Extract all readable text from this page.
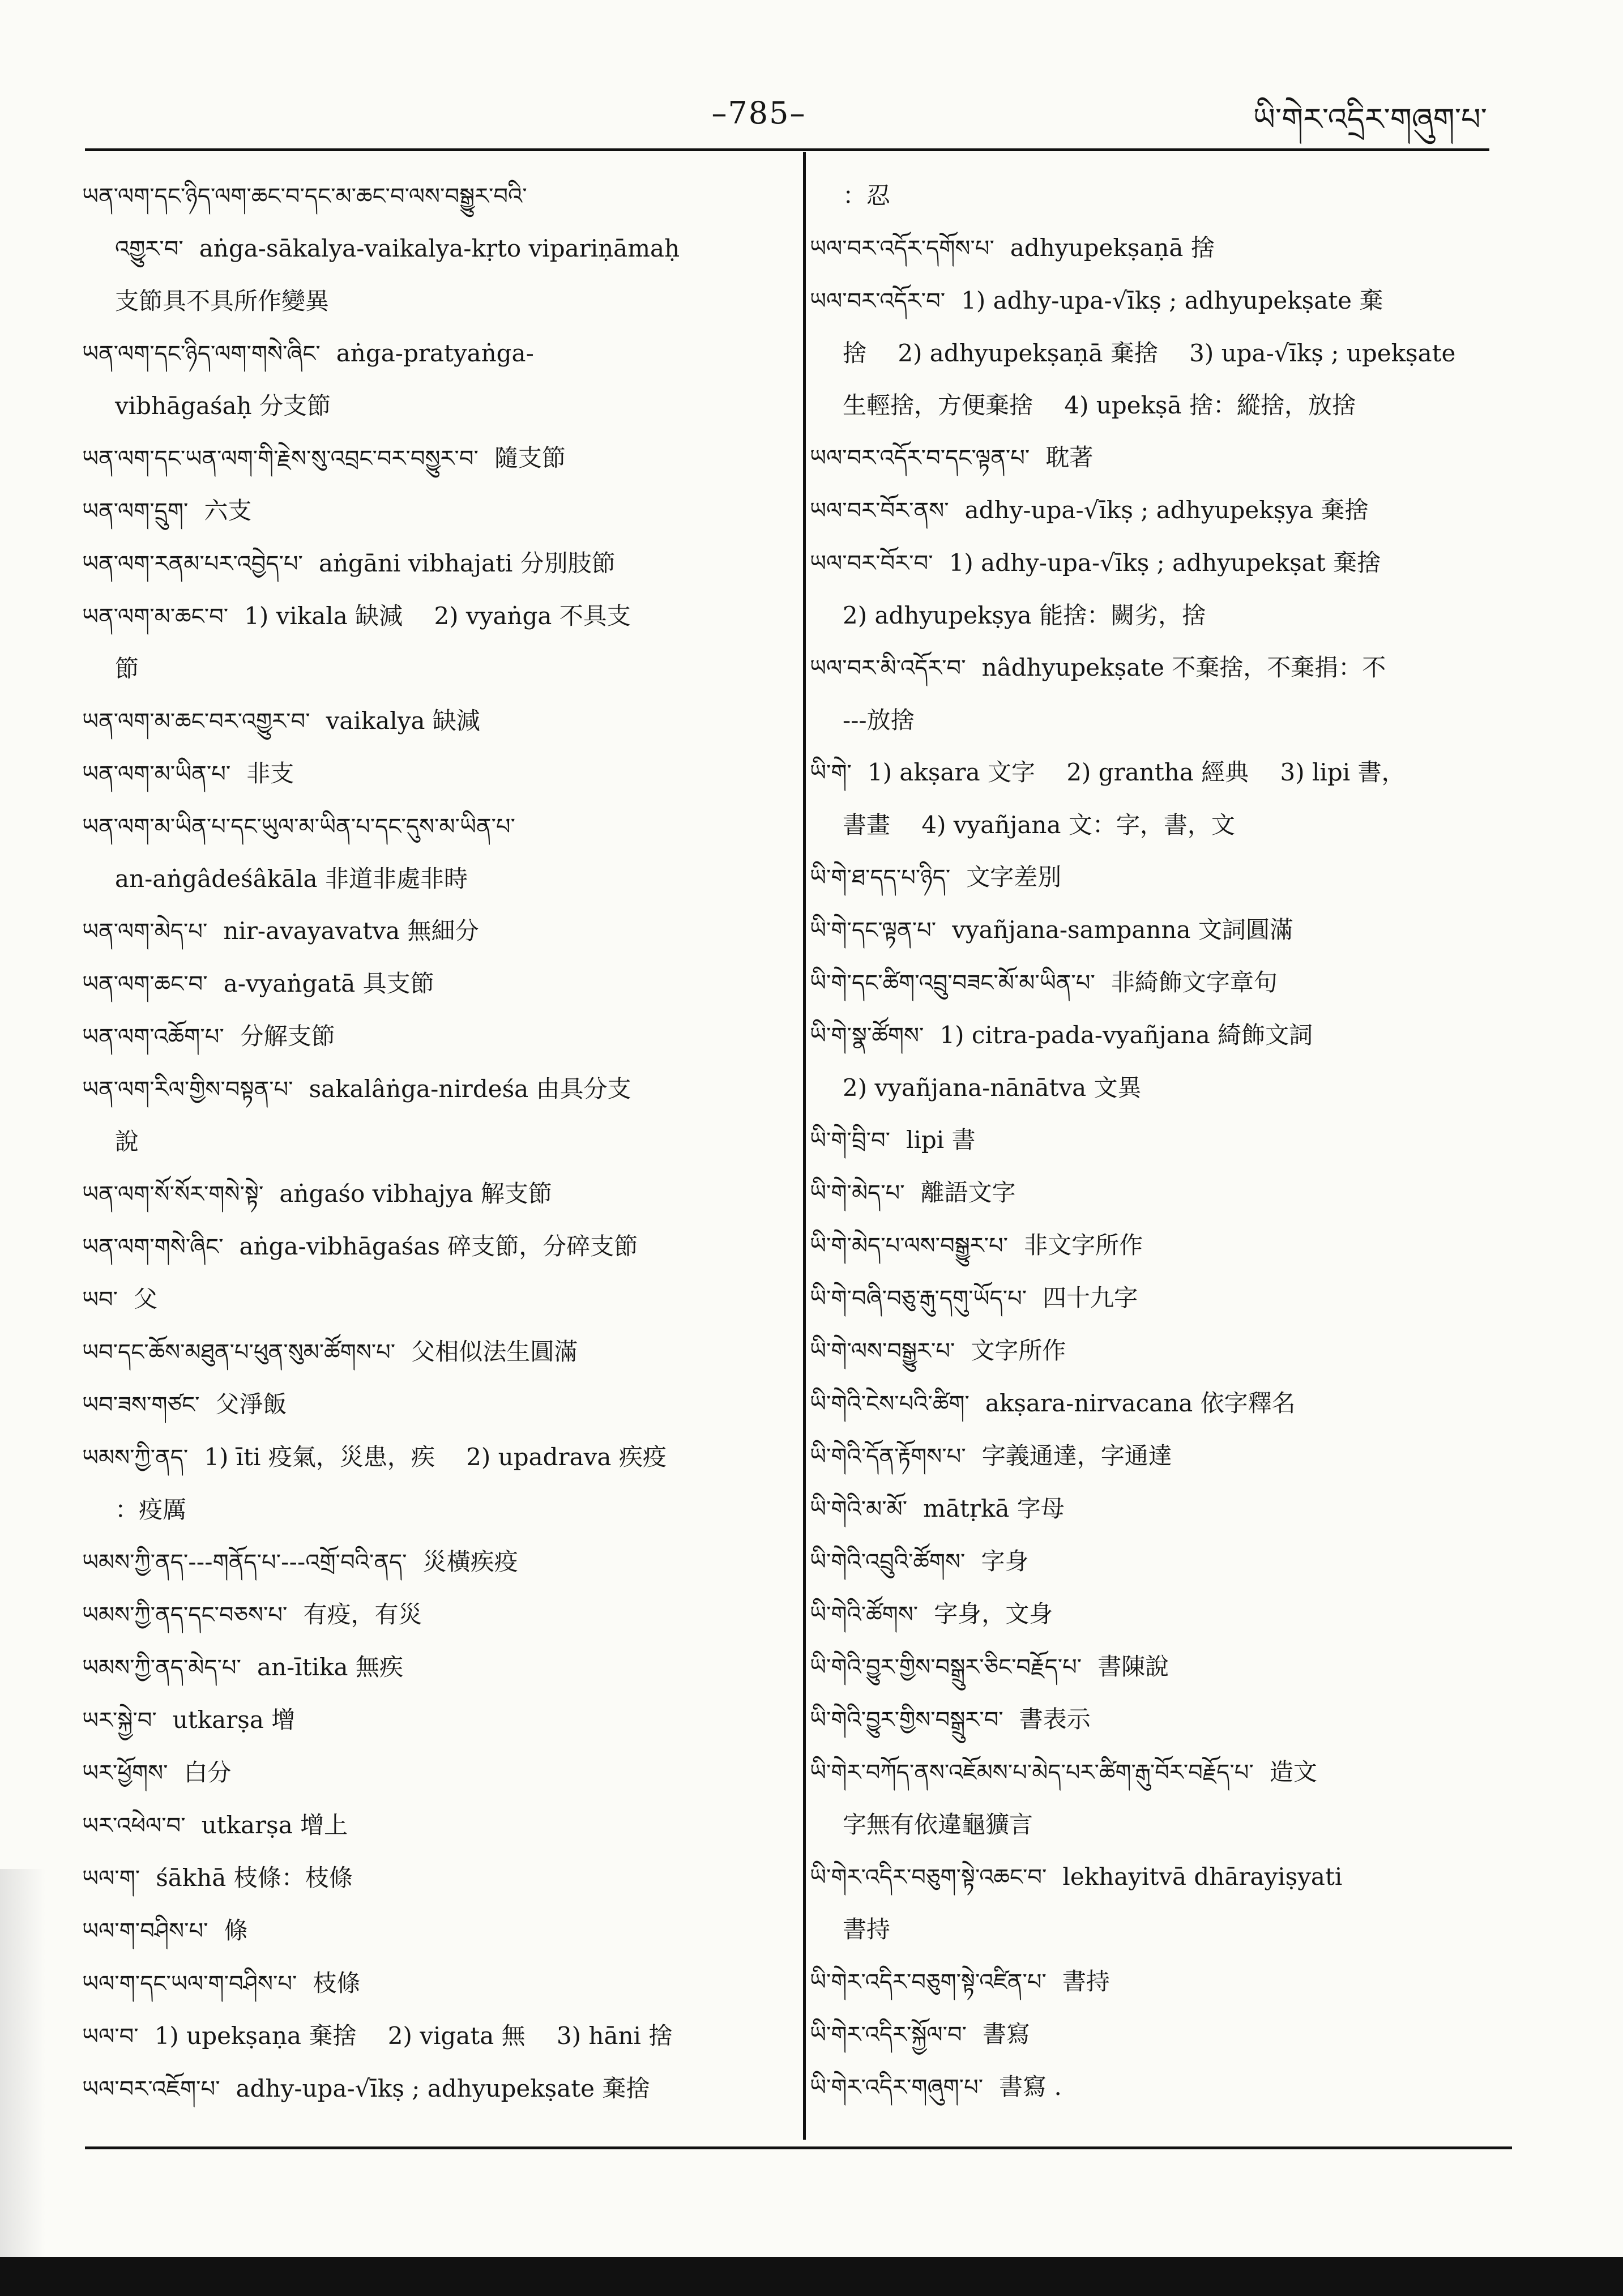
–785–	ཡི་གེར་འདྲིར་གཞུག་པ་

ཡན་ལག་དང་ཉིད་ལག་ཆང་བ་དང་མ་ཆང་བ་ལས་བསྒྱུར་བའི་

འགྱུར་བ་ aṅga-sākalya-vaikalya-kṛto vipariṇāmaḥ

支節具不具所作變異

ཡན་ལག་དང་ཉིད་ལག་གསེ་ཞིང་ aṅga-pratyaṅga-

vibhāgaśaḥ 分支節

ཡན་ལག་དང་ཡན་ལག་གི་རྗེས་སུ་འབྲང་བར་བསྱུར་བ་ 隨支節

ཡན་ལག་དྲུག་ 六支

ཡན་ལག་རནམ་པར་འབྱེད་པ་ aṅgāni vibhajati 分別肢節

ཡན་ལག་མ་ཆང་བ་ 1) vikala 缺減　 2) vyaṅga 不具支

節

ཡན་ལག་མ་ཆང་བར་འགྱུར་བ་ vaikalya 缺減

ཡན་ལག་མ་ཡིན་པ་ 非支

ཡན་ལག་མ་ཡིན་པ་དང་ཡུལ་མ་ཡིན་པ་དང་དུས་མ་ཡིན་པ་

an-aṅgâdeśâkāla 非道非處非時

ཡན་ལག་མེད་པ་ nir-avayavatva 無細分

ཡན་ལག་ཆང་བ་ a-vyaṅgatā 具支節

ཡན་ལག་འཆོག་པ་ 分解支節

ཡན་ལག་རིལ་གྱིས་བསྟན་པ་ sakalâṅga-nirdeśa 由具分支

說

ཡན་ལག་སོ་སོར་གསེ་སྟེ་ aṅgaśo vibhajya 解支節

ཡན་ལག་གསེ་ཞིང་ aṅga-vibhāgaśas 碎支節，分碎支節

ཡབ་ 父

ཡབ་དང་ཆོས་མཐུན་པ་ཕུན་སུམ་ཚོགས་པ་ 父相似法生圓滿

ཡབ་ཟས་གཙང་ 父淨飯

ཡམས་ཀྱི་ནད་ 1) īti 疫氣，災患，疾　 2) upadrava 疾疫

：疫厲

ཡམས་ཀྱི་ནད་---གནོད་པ་---འགྲོ་བའི་ནད་ 災橫疾疫

ཡམས་ཀྱི་ནད་དང་བཅས་པ་ 有疫，有災

ཡམས་ཀྱི་ནད་མེད་པ་ an-ītika 無疾

ཡར་སྐྱེ་བ་ utkarṣa 增

ཡར་ཕྱོགས་ 白分

ཡར་འཕེལ་བ་ utkarṣa 增上

ཡལ་ག་ śākhā 枝條：枝條

ཡལ་ག་བཤིས་པ་ 條

ཡལ་ག་དང་ཡལ་ག་བཤིས་པ་ 枝條

ཡལ་བ་ 1) upekṣaṇa 棄捨　 2) vigata 無　 3) hāni 捨

ཡལ་བར་འཇོག་པ་ adhy-upa-√īkṣ ; adhyupekṣate 棄捨

：忍

ཡལ་བར་འདོར་དགོས་པ་ adhyupekṣaṇā 捨

ཡལ་བར་འདོར་བ་ 1) adhy-upa-√īkṣ ; adhyupekṣate 棄

捨　 2) adhyupekṣaṇā 棄捨　 3) upa-√īkṣ ; upekṣate

生輕捨，方便棄捨　 4) upekṣā 捨：縱捨，放捨

ཡལ་བར་འདོར་བ་དང་ལྟན་པ་ 耽著

ཡལ་བར་བོར་ནས་ adhy-upa-√īkṣ ; adhyupekṣya 棄捨

ཡལ་བར་བོར་བ་ 1) adhy-upa-√īkṣ ; adhyupekṣat 棄捨

2) adhyupekṣya 能捨：闕劣，捨

ཡལ་བར་མི་འདོར་བ་ nâdhyupekṣate 不棄捨，不棄捐：不

---放捨

ཡི་གེ་ 1) akṣara 文字　 2) grantha 經典　 3) lipi 書，

書畫　 4) vyañjana 文：字，書，文

ཡི་གེ་ཐ་དད་པ་ཉིད་ 文字差別

ཡི་གེ་དང་ལྟན་པ་ vyañjana-sampanna 文詞圓滿

ཡི་གེ་དང་ཚིག་འབྲུ་བཟང་མོ་མ་ཡིན་པ་ 非綺飾文字章句

ཡི་གེ་སྣ་ཚོགས་ 1) citra-pada-vyañjana 綺飾文詞

2) vyañjana-nānātva 文異

ཡི་གེ་བྲི་བ་ lipi 書

ཡི་གེ་མེད་པ་ 離語文字

ཡི་གེ་མེད་པ་ལས་བསྒྱུར་པ་ 非文字所作

ཡི་གེ་བཞི་བཅུ་རྒུ་དགུ་ཡོད་པ་ 四十九字

ཡི་གེ་ལས་བསྒྱུར་པ་ 文字所作

ཡི་གེའི་ངེས་པའི་ཚིག་ akṣara-nirvacana 依字釋名

ཡི་གེའི་དོན་རྟོགས་པ་ 字義通達，字通達

ཡི་གེའི་མ་མོ་ mātṛkā 字母

ཡི་གེའི་འབྲུའི་ཚོགས་ 字身

ཡི་གེའི་ཚོགས་ 字身，文身

ཡི་གེའི་བྱུར་གྱིས་བསྒྲུར་ཅིང་བརྗོད་པ་ 書陳說

ཡི་གེའི་བྱུར་གྱིས་བསྒྲུར་བ་ 書表示

ཡི་གེར་བཀོད་ནས་འཇོམས་པ་མེད་པར་ཚིག་རྒུ་བོར་བརྗོད་པ་ 造文

字無有依違龜獷言

ཡི་གེར་འདིར་བཅུག་སྟེ་འཆང་བ་ lekhayitvā dhārayiṣyati

書持

ཡི་གེར་འདིར་བཅུག་སྟེ་འཛིན་པ་ 書持

ཡི་གེར་འདིར་སྐྱོལ་བ་ 書寫

ཡི་གེར་འདིར་གཞུག་པ་ 書寫 .
